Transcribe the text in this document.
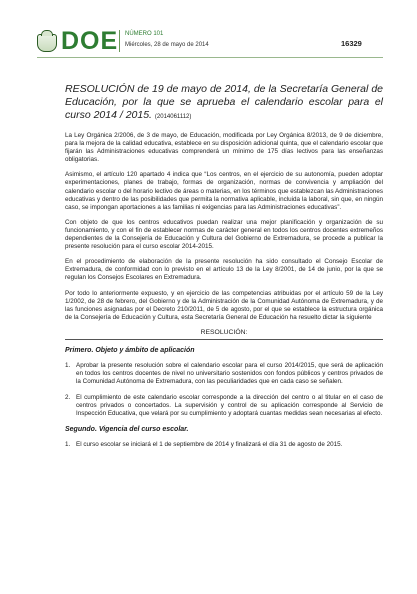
DOE NÚMERO 101
Miércoles, 28 de mayo de 2014	16329
RESOLUCIÓN de 19 de mayo de 2014, de la Secretaría General de Educación, por la que se aprueba el calendario escolar para el curso 2014 / 2015. (2014061112)

La Ley Orgánica 2/2006, de 3 de mayo, de Educación, modificada por Ley Orgánica 8/2013, de 9 de diciembre, para la mejora de la calidad educativa, establece en su disposición adicional quinta, que el calendario escolar que fijarán las Administraciones educativas comprenderá un mínimo de 175 días lectivos para las enseñanzas obligatorias.

Asimismo, el artículo 120 apartado 4 indica que “Los centros, en el ejercicio de su autonomía, pueden adoptar experimentaciones, planes de trabajo, formas de organización, normas de convivencia y ampliación del calendario escolar o del horario lectivo de áreas o materias, en los términos que establezcan las Administraciones educativas y dentro de las posibilidades que permita la normativa aplicable, incluida la laboral, sin que, en ningún caso, se impongan aportaciones a las familias ni exigencias para las Administraciones educativas”.

Con objeto de que los centros educativos puedan realizar una mejor planificación y organización de su funcionamiento, y con el fin de establecer normas de carácter general en todos los centros docentes extremeños dependientes de la Consejería de Educación y Cultura del Gobierno de Extremadura, se procede a publicar la presente resolución para el curso escolar 2014-2015.

En el procedimiento de elaboración de la presente resolución ha sido consultado el Consejo Escolar de Extremadura, de conformidad con lo previsto en el artículo 13 de la Ley 8/2001, de 14 de junio, por la que se regulan los Consejos Escolares en Extremadura.

Por todo lo anteriormente expuesto, y en ejercicio de las competencias atribuidas por el artículo 59 de la Ley 1/2002, de 28 de febrero, del Gobierno y de la Administración de la Comunidad Autónoma de Extremadura, y de las funciones asignadas por el Decreto 210/2011, de 5 de agosto, por el que se establece la estructura orgánica de la Consejería de Educación y Cultura, esta Secretaría General de Educación ha resuelto dictar la siguiente

RESOLUCIÓN:
Primero. Objeto y ámbito de aplicación
1. Aprobar la presente resolución sobre el calendario escolar para el curso 2014/2015, que será de aplicación en todos los centros docentes de nivel no universitario sostenidos con fondos públicos y centros privados de la Comunidad Autónoma de Extremadura, con las peculiaridades que en cada caso se señalen.
2. El cumplimiento de este calendario escolar corresponde a la dirección del centro o al titular en el caso de centros privados o concertados. La supervisión y control de su aplicación corresponde al Servicio de Inspección Educativa, que velará por su cumplimiento y adoptará cuantas medidas sean necesarias al efecto.
Segundo. Vigencia del curso escolar.
1. El curso escolar se iniciará el 1 de septiembre de 2014 y finalizará el día 31 de agosto de 2015.
